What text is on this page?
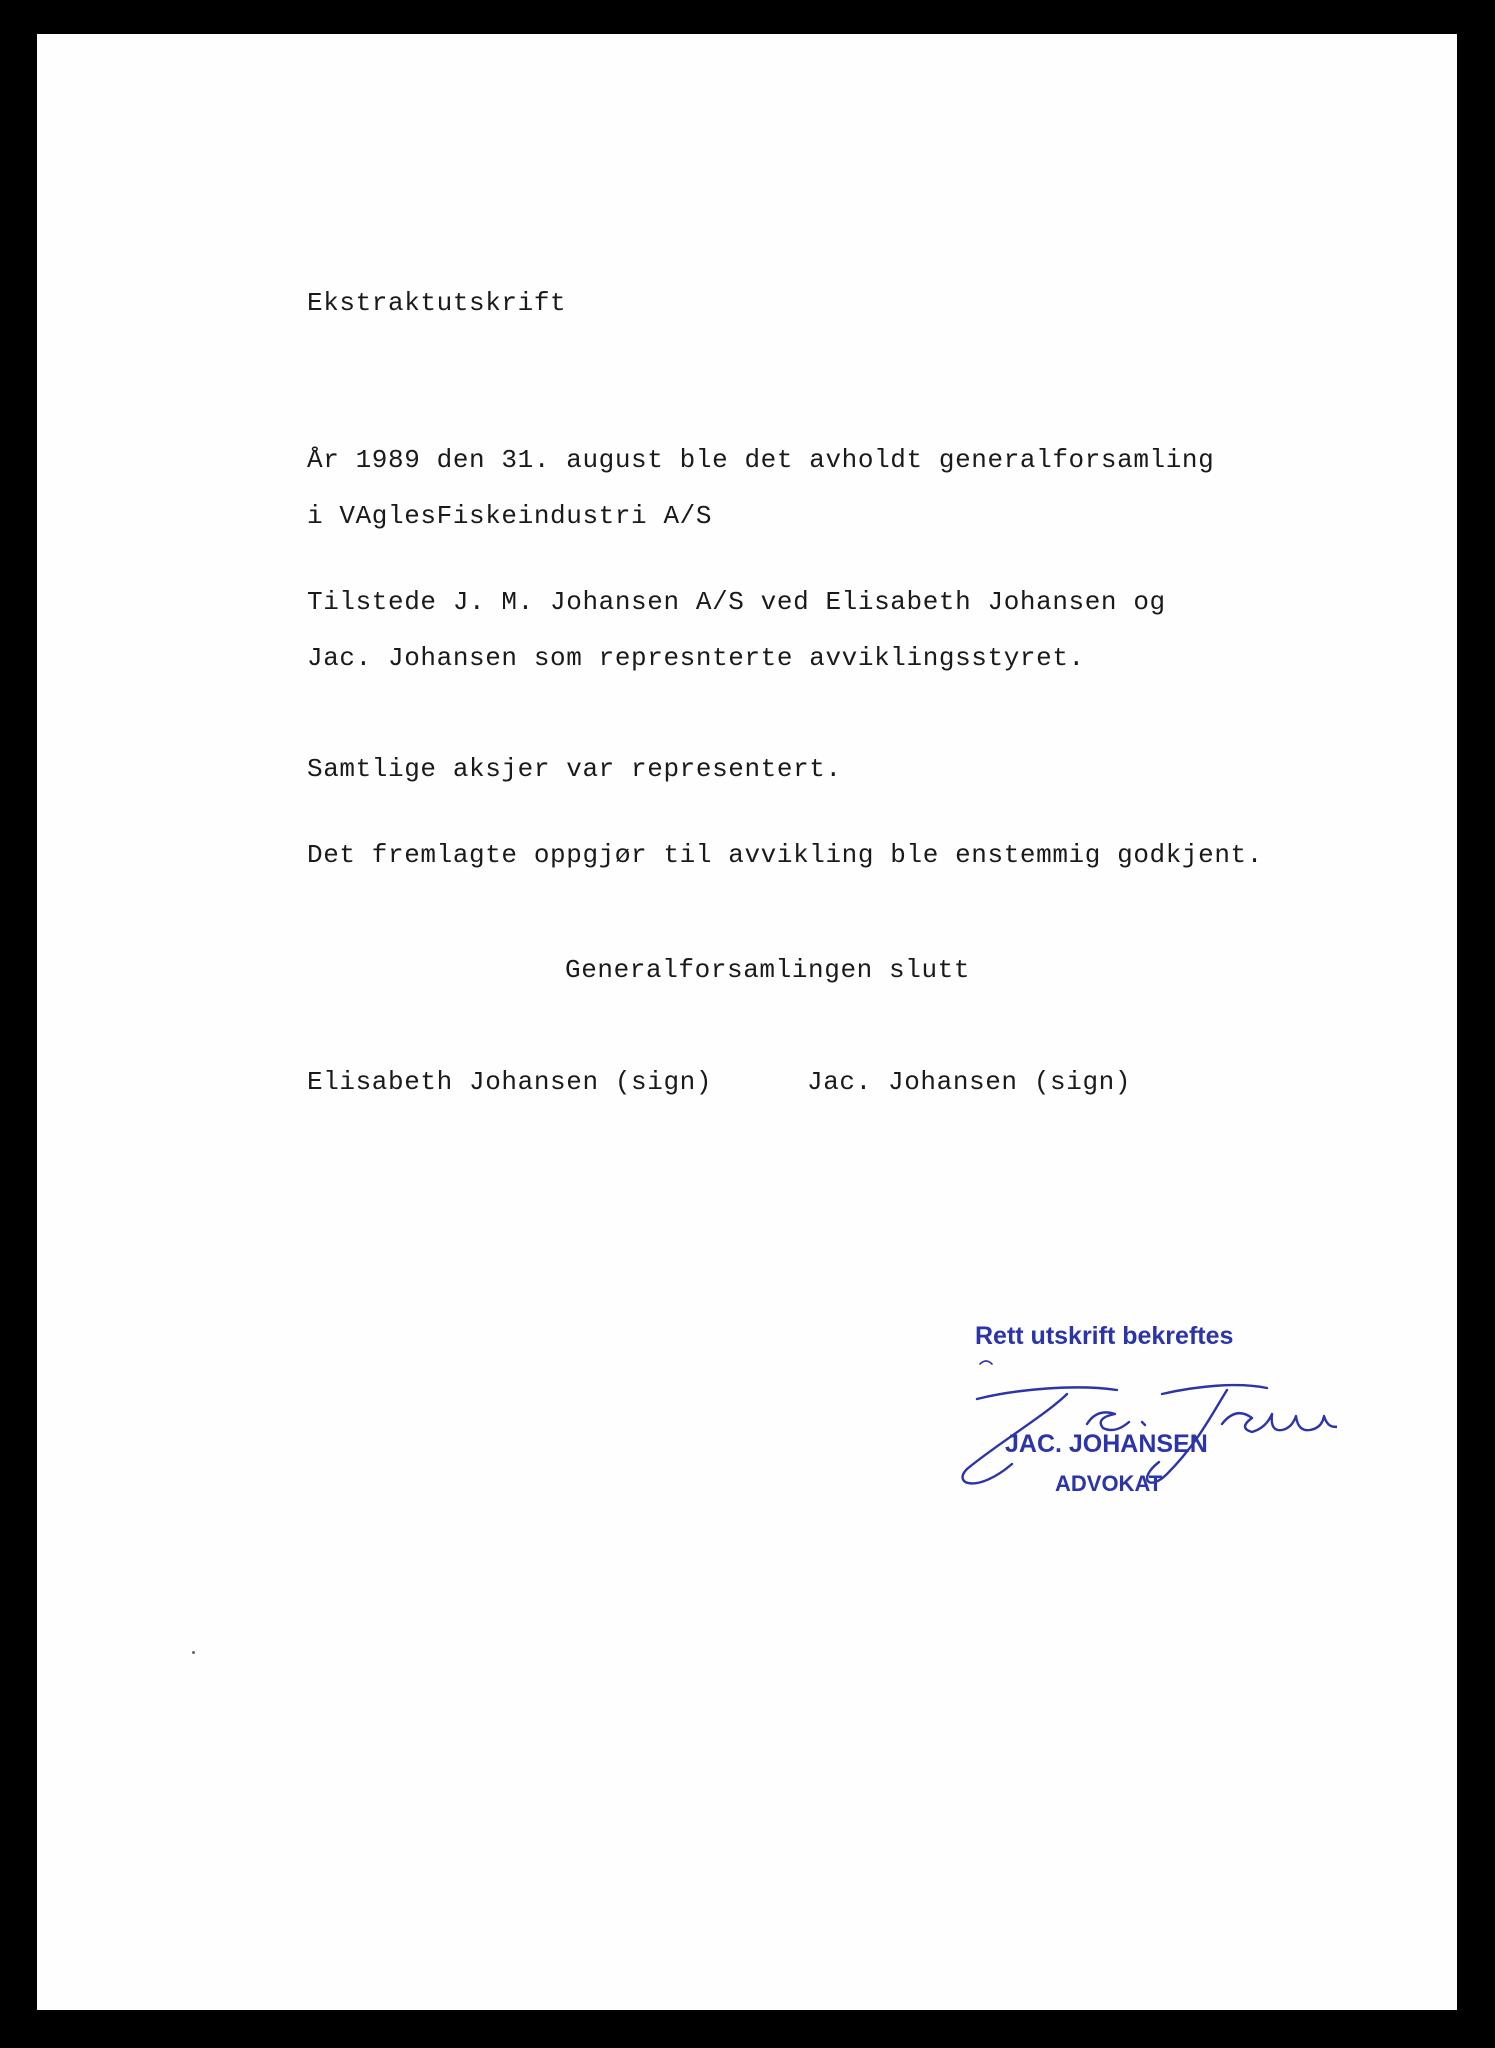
Ekstraktutskrift
År 1989 den 31. august ble det avholdt generalforsamling
i VAglesFiskeindustri A/S
Tilstede J. M. Johansen A/S ved Elisabeth Johansen og
Jac. Johansen som represnterte avviklingsstyret.
Samtlige aksjer var representert.
Det fremlagte oppgjør til avvikling ble enstemmig godkjent.
Generalforsamlingen slutt
Elisabeth Johansen (sign)	Jac. Johansen (sign)
Rett utskrift bekreftes
JAC. JOHANSEN
ADVOKAT
